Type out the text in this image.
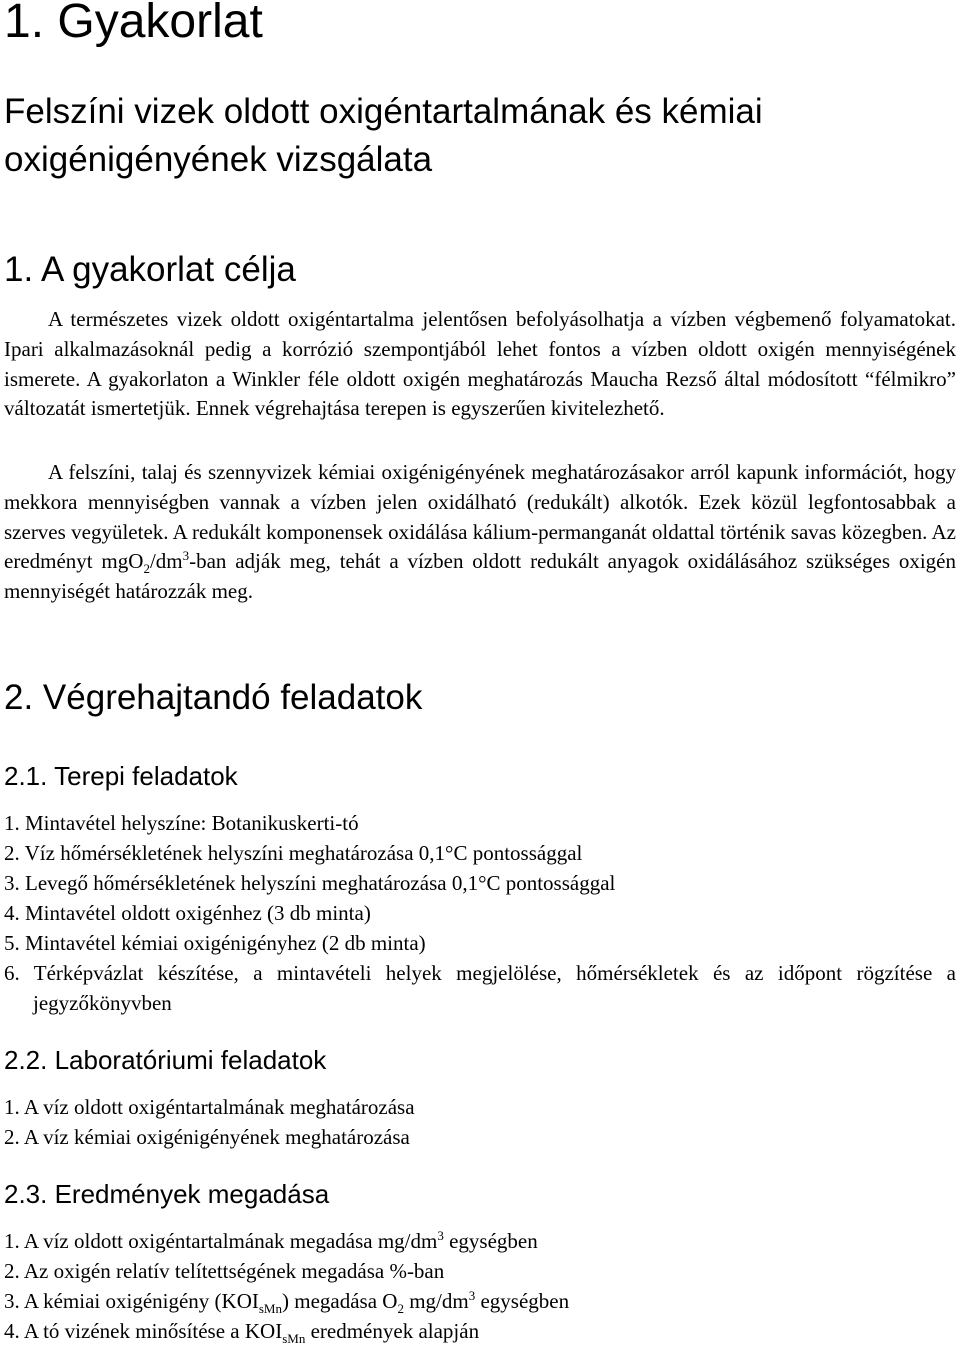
1. Gyakorlat
Felszíni vizek oldott oxigéntartalmának és kémiai
oxigénigényének vizsgálata
1. A gyakorlat célja

A természetes vizek oldott oxigéntartalma jelentősen befolyásolhatja a vízben végbemenő folyamatokat. Ipari alkalmazásoknál pedig a korrózió szempontjából lehet fontos a vízben oldott oxigén mennyiségének ismerete. A gyakorlaton a Winkler féle oldott oxigén meghatározás Maucha Rezső által módosított “félmikro” változatát ismertetjük. Ennek végrehajtása terepen is egyszerűen kivitelezhető.

A felszíni, talaj és szennyvizek kémiai oxigénigényének meghatározásakor arról kapunk információt, hogy mekkora mennyiségben vannak a vízben jelen oxidálható (redukált) alkotók. Ezek közül legfontosabbak a szerves vegyületek. A redukált komponensek oxidálása kálium-permanganát oldattal történik savas közegben. Az eredményt $mgO_2/dm^3$-ban adják meg, tehát a vízben oldott redukált anyagok oxidálásához szükséges oxigén mennyiségét határozzák meg.

2. Végrehajtandó feladatok
2.1. Terepi feladatok
1. Mintavétel helyszíne: Botanikuskerti-tó
2. Víz hőmérsékletének helyszíni meghatározása 0,1°C pontossággal
3. Levegő hőmérsékletének helyszíni meghatározása 0,1°C pontossággal
4. Mintavétel oldott oxigénhez (3 db minta)
5. Mintavétel kémiai oxigénigényhez (2 db minta)
6. Térképvázlat készítése, a mintavételi helyek megjelölése, hőmérsékletek és az időpont rögzítése a jegyzőkönyvben
2.2. Laboratóriumi feladatok
1. A víz oldott oxigéntartalmának meghatározása
2. A víz kémiai oxigénigényének meghatározása
2.3. Eredmények megadása
1. A víz oldott oxigéntartalmának megadása $mg/dm^3$ egységben
2. Az oxigén relatív telítettségének megadása %-ban
3. A kémiai oxigénigény $(KOI_{sMn})$ megadása $O_2$ $mg/dm^3$ egységben
4. A tó vizének minősítése a $KOI_{sMn}$ eredmények alapján
